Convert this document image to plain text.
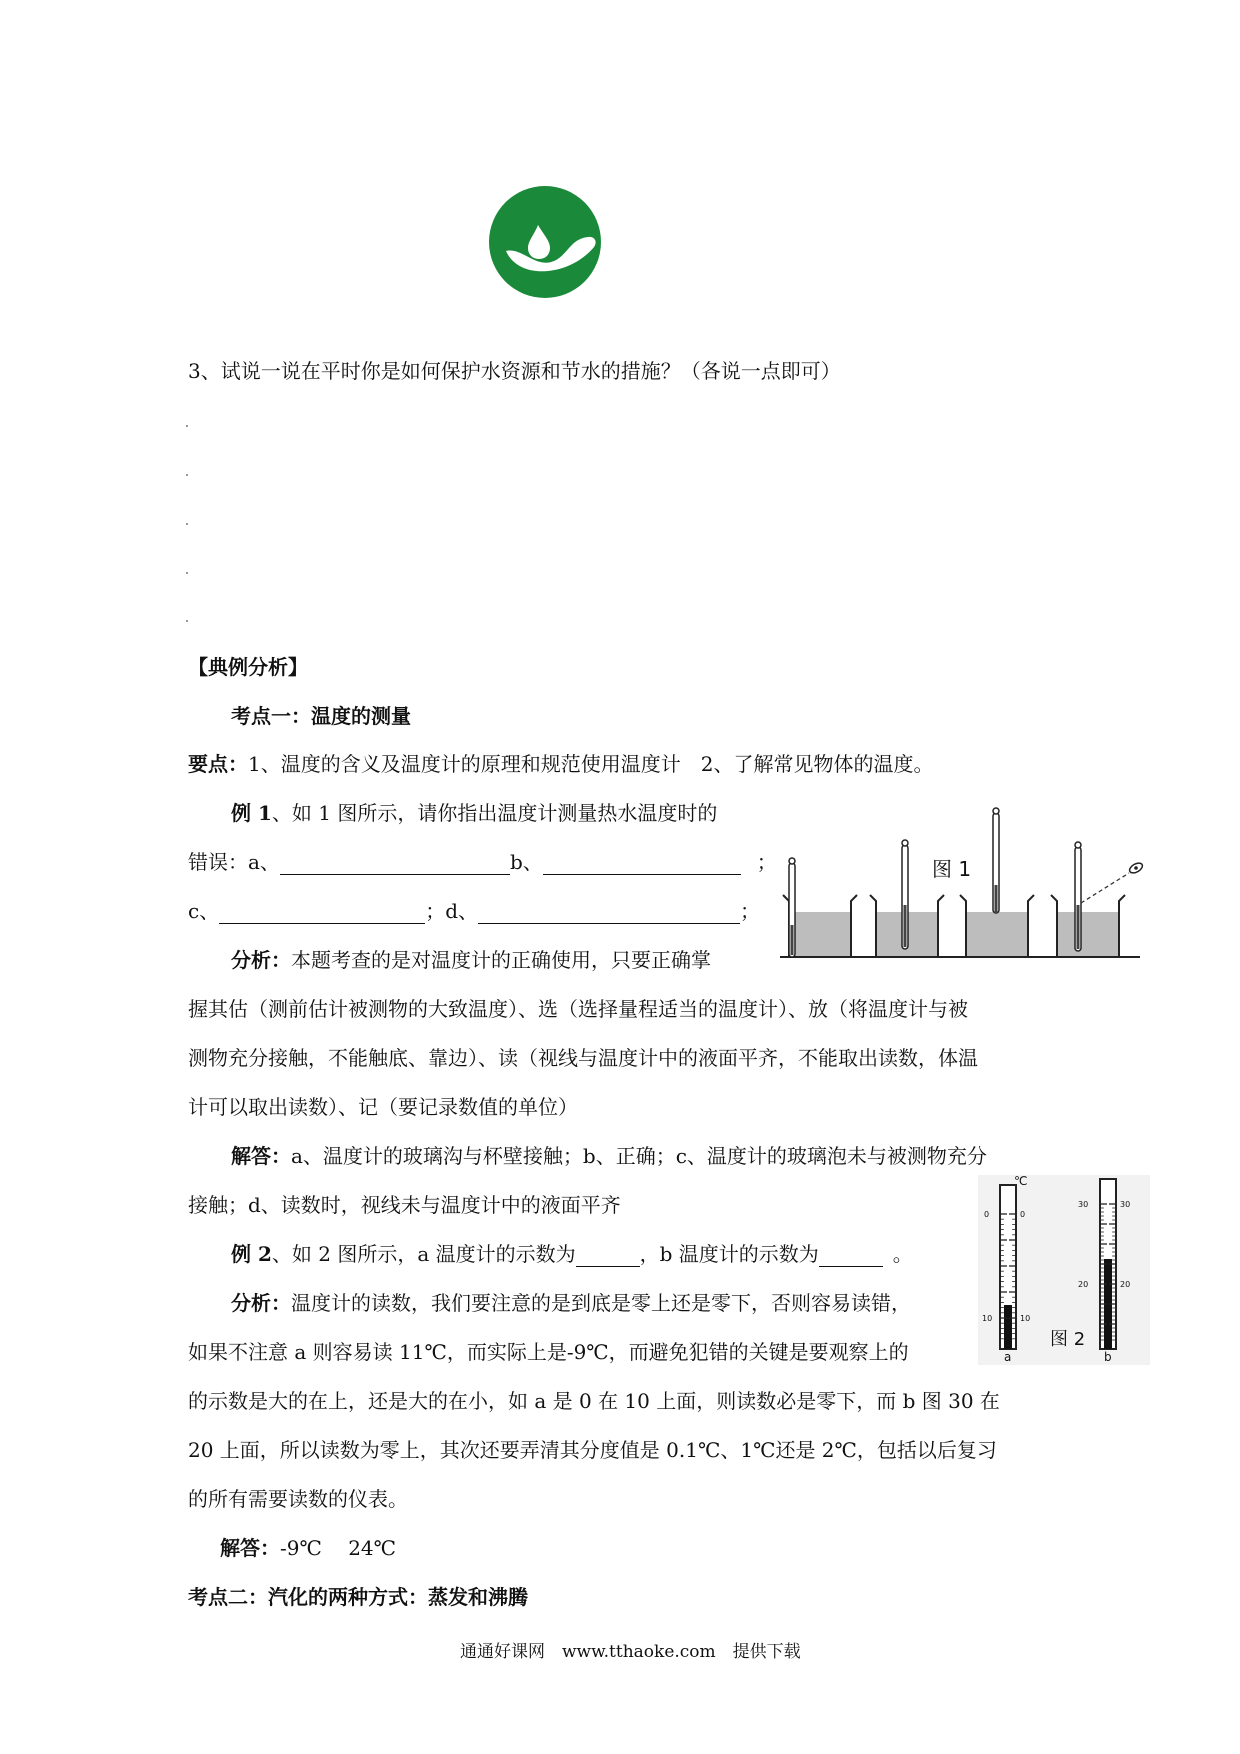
3、试说一说在平时你是如何保护水资源和节水的措施？（各说一点即可）
【典例分析】
考点一：温度的测量
要点：1、温度的含义及温度计的原理和规范使用温度计　2、了解常见物体的温度。
例 1、如 1 图所示，请你指出温度计测量热水温度时的
错误：a、	b、	；
c、	；d、	；
分析：本题考查的是对温度计的正确使用，只要正确掌
握其估（测前估计被测物的大致温度）、选（选择量程适当的温度计）、放（将温度计与被
测物充分接触，不能触底、靠边）、读（视线与温度计中的液面平齐，不能取出读数，体温
计可以取出读数）、记（要记录数值的单位）
解答：a、温度计的玻璃沟与杯壁接触；b、正确；c、温度计的玻璃泡未与被测物充分
接触；d、读数时，视线未与温度计中的液面平齐
图 1
例 2、如 2 图所示，a 温度计的示数为	，b 温度计的示数为	。
分析：温度计的读数，我们要注意的是到底是零上还是零下，否则容易读错，
如果不注意 a 则容易读 11℃，而实际上是-9℃，而避免犯错的关键是要观察上的
的示数是大的在上，还是大的在小，如 a 是 0 在 10 上面，则读数必是零下，而 b 图 30 在
20 上面，所以读数为零上，其次还要弄清其分度值是 0.1℃、1℃还是 2℃，包括以后复习
的所有需要读数的仪表。
解答：-9℃　 24℃
℃
0	0
10	10
a
30	30
20	20
b
图 2
考点二：汽化的两种方式：蒸发和沸腾
通通好课网　www.tthaoke.com　提供下载
